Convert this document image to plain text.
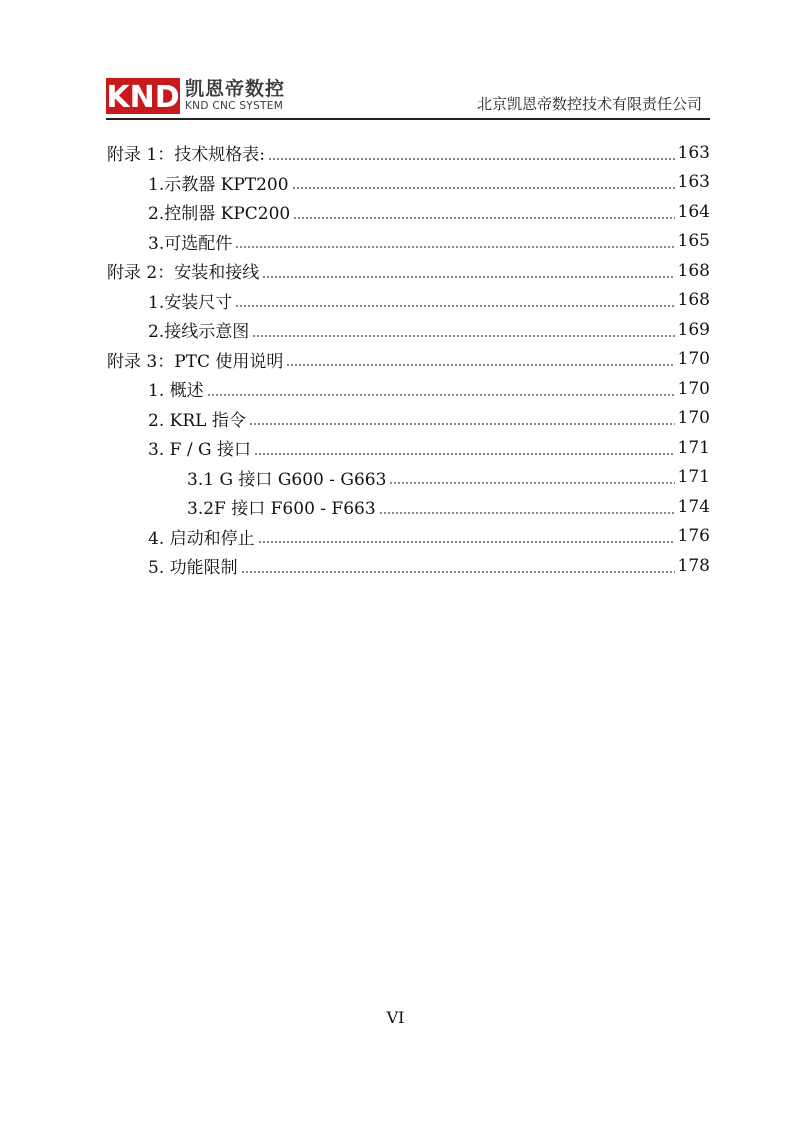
KND 凯恩帝数控
KND CNC SYSTEM	北京凯恩帝数控技术有限责任公司
附录 1：技术规格表:	163
1.示教器 KPT200	163
2.控制器 KPC200	164
3.可选配件	165
附录 2：安装和接线	168
1.安装尺寸	168
2.接线示意图	169
附录 3：PTC 使用说明	170
1. 概述	170
2. KRL 指令	170
3. F / G 接口	171
3.1 G 接口 G600 - G663	171
3.2F 接口 F600 - F663	174
4. 启动和停止	176
5. 功能限制	178
VI
